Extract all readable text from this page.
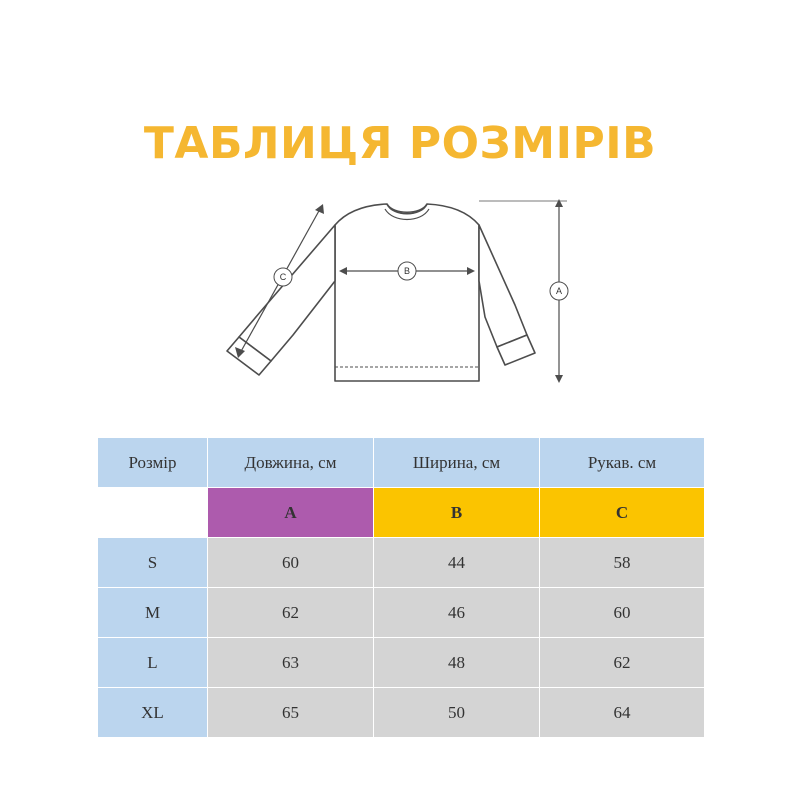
ТАБЛИЦЯ РОЗМІРІВ
A
B
C
Розмір	Довжина, см	Ширина, см	Рукав. см
	A	B	C
S	60	44	58
M	62	46	60
L	63	48	62
XL	65	50	64
